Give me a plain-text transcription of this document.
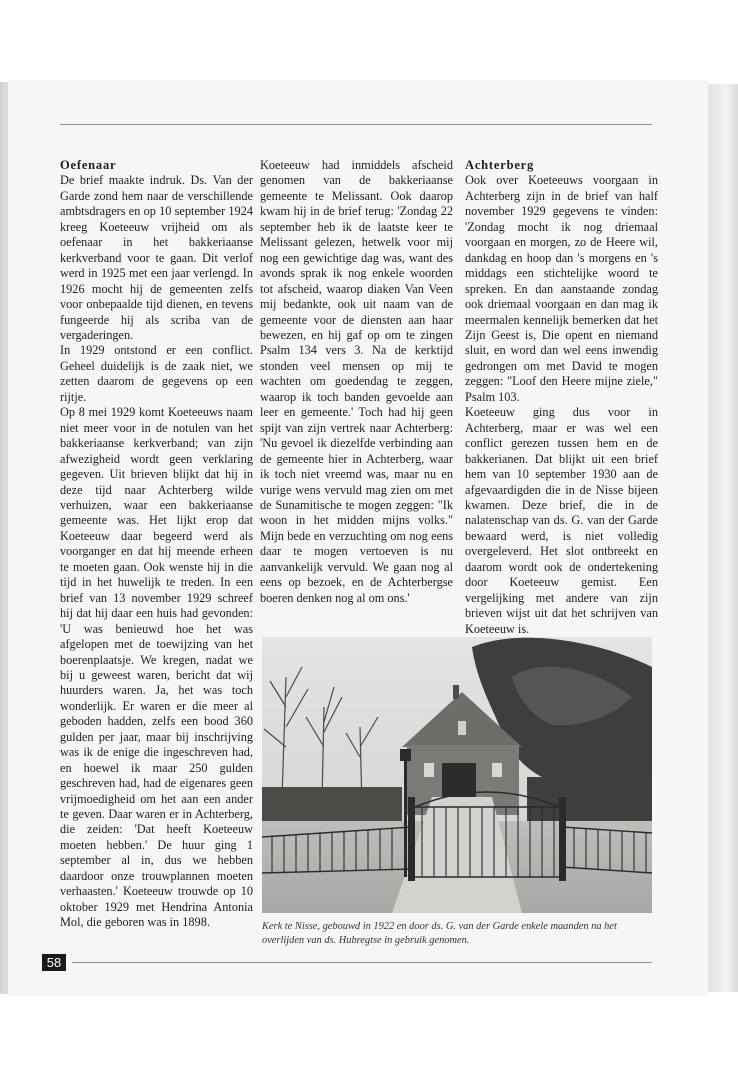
Oefenaar

De brief maakte indruk. Ds. Van der Garde zond hem naar de verschillende ambtsdragers en op 10 september 1924 kreeg Koeteeuw vrijheid om als oefenaar in het bakkeriaanse kerkverband voor te gaan. Dit verlof werd in 1925 met een jaar verlengd. In 1926 mocht hij de gemeenten zelfs voor onbepaalde tijd dienen, en tevens fungeerde hij als scriba van de vergaderingen.

In 1929 ontstond er een conflict. Geheel duidelijk is de zaak niet, we zetten daarom de gegevens op een rijtje.

Op 8 mei 1929 komt Koeteeuws naam niet meer voor in de notulen van het bakkeriaanse kerkverband; van zijn afwezigheid wordt geen verklaring gegeven. Uit brieven blijkt dat hij in deze tijd naar Achterberg wilde verhuizen, waar een bakkeriaanse gemeente was. Het lijkt erop dat Koeteeuw daar begeerd werd als voorganger en dat hij meende erheen te moeten gaan. Ook wenste hij in die tijd in het huwelijk te treden. In een brief van 13 november 1929 schreef hij dat hij daar een huis had gevonden: 'U was benieuwd hoe het was afgelopen met de toewijzing van het boerenplaatsje. We kregen, nadat we bij u geweest waren, bericht dat wij huurders waren. Ja, het was toch wonderlijk. Er waren er die meer al geboden hadden, zelfs een bood 360 gulden per jaar, maar bij inschrijving was ik de enige die ingeschreven had, en hoewel ik maar 250 gulden geschreven had, had de eigenares geen vrijmoedigheid om het aan een ander te geven. Daar waren er in Achterberg, die zeiden: 'Dat heeft Koeteeuw moeten hebben.' De huur ging 1 september al in, dus we hebben daardoor onze trouwplannen moeten verhaasten.' Koeteeuw trouwde op 10 oktober 1929 met Hendrina Antonia Mol, die geboren was in 1898.

Koeteeuw had inmiddels afscheid genomen van de bakkeriaanse gemeente te Melissant. Ook daarop kwam hij in de brief terug: 'Zondag 22 september heb ik de laatste keer te Melissant gelezen, hetwelk voor mij nog een gewichtige dag was, want des avonds sprak ik nog enkele woorden tot afscheid, waarop diaken Van Veen mij bedankte, ook uit naam van de gemeente voor de diensten aan haar bewezen, en hij gaf op om te zingen Psalm 134 vers 3. Na de kerktijd stonden veel mensen op mij te wachten om goedendag te zeggen, waarop ik toch banden gevoelde aan leer en gemeente.' Toch had hij geen spijt van zijn vertrek naar Achterberg: 'Nu gevoel ik diezelfde verbinding aan de gemeente hier in Achterberg, waar ik toch niet vreemd was, maar nu en vurige wens vervuld mag zien om met de Sunamitische te mogen zeggen: "Ik woon in het midden mijns volks." Mijn bede en verzuchting om nog eens daar te mogen vertoeven is nu aanvankelijk vervuld. We gaan nog al eens op bezoek, en de Achterbergse boeren denken nog al om ons.'

Achterberg

Ook over Koeteeuws voorgaan in Achterberg zijn in de brief van half november 1929 gegevens te vinden: 'Zondag mocht ik nog driemaal voorgaan en morgen, zo de Heere wil, dankdag en hoop dan 's morgens en 's middags een stichtelijke woord te spreken. En dan aanstaande zondag ook driemaal voorgaan en dan mag ik meermalen kennelijk bemerken dat het Zijn Geest is, Die opent en niemand sluit, en word dan wel eens inwendig gedrongen om met David te mogen zeggen: "Loof den Heere mijne ziele," Psalm 103.

Koeteeuw ging dus voor in Achterberg, maar er was wel een conflict gerezen tussen hem en de bakkerianen. Dat blijkt uit een brief hem van 10 september 1930 aan de afgevaardigden die in de Nisse bijeen kwamen. Deze brief, die in de nalatenschap van ds. G. van der Garde bewaard werd, is niet volledig overgeleverd. Het slot ontbreekt en daarom wordt ook de ondertekening door Koeteeuw gemist. Een vergelijking met andere van zijn brieven wijst uit dat het schrijven van Koeteeuw is.

Kerk te Nisse, gebouwd in 1922 en door ds. G. van der Garde enkele maanden na het overlijden van ds. Hubregtse in gebruik genomen.
58
